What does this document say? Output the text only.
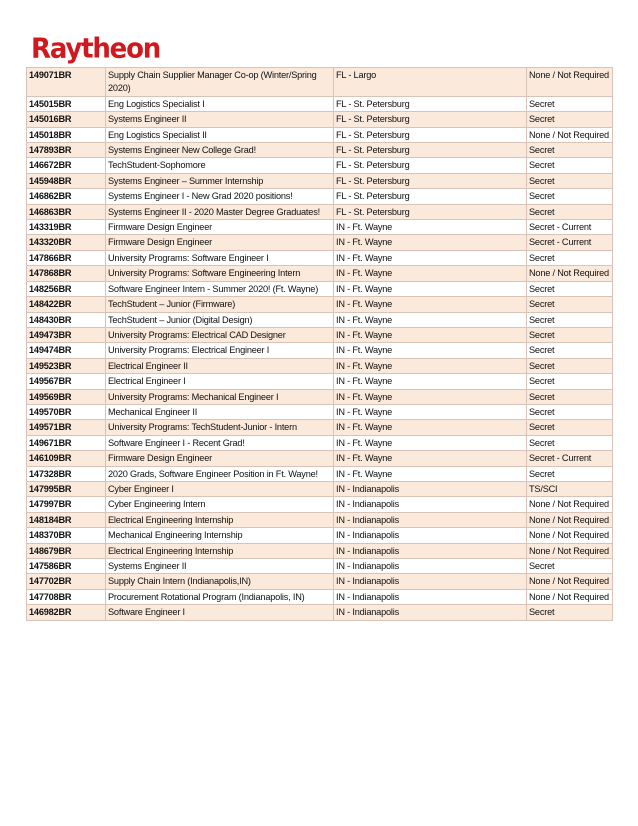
Raytheon
149071BR	Supply Chain Supplier Manager Co-op (Winter/Spring 2020)	FL - Largo	None / Not Required
145015BR	Eng Logistics Specialist I	FL - St. Petersburg	Secret
145016BR	Systems Engineer II	FL - St. Petersburg	Secret
145018BR	Eng Logistics Specialist II	FL - St. Petersburg	None / Not Required
147893BR	Systems Engineer New College Grad!	FL - St. Petersburg	Secret
146672BR	TechStudent-Sophomore	FL - St. Petersburg	Secret
145948BR	Systems Engineer – Summer Internship	FL - St. Petersburg	Secret
146862BR	Systems Engineer I - New Grad 2020 positions!	FL - St. Petersburg	Secret
146863BR	Systems Engineer II - 2020 Master Degree Graduates!	FL - St. Petersburg	Secret
143319BR	Firmware Design Engineer	IN - Ft. Wayne	Secret - Current
143320BR	Firmware Design Engineer	IN - Ft. Wayne	Secret - Current
147866BR	University Programs: Software Engineer I	IN - Ft. Wayne	Secret
147868BR	University Programs: Software Engineering Intern	IN - Ft. Wayne	None / Not Required
148256BR	Software Engineer Intern - Summer 2020! (Ft. Wayne)	IN - Ft. Wayne	Secret
148422BR	TechStudent – Junior (Firmware)	IN - Ft. Wayne	Secret
148430BR	TechStudent – Junior (Digital Design)	IN - Ft. Wayne	Secret
149473BR	University Programs: Electrical CAD Designer	IN - Ft. Wayne	Secret
149474BR	University Programs: Electrical Engineer I	IN - Ft. Wayne	Secret
149523BR	Electrical Engineer II	IN - Ft. Wayne	Secret
149567BR	Electrical Engineer I	IN - Ft. Wayne	Secret
149569BR	University Programs: Mechanical Engineer I	IN - Ft. Wayne	Secret
149570BR	Mechanical Engineer II	IN - Ft. Wayne	Secret
149571BR	University Programs: TechStudent-Junior - Intern	IN - Ft. Wayne	Secret
149671BR	Software Engineer I - Recent Grad!	IN - Ft. Wayne	Secret
146109BR	Firmware Design Engineer	IN - Ft. Wayne	Secret - Current
147328BR	2020 Grads, Software Engineer Position in Ft. Wayne!	IN - Ft. Wayne	Secret
147995BR	Cyber Engineer I	IN - Indianapolis	TS/SCI
147997BR	Cyber Engineering Intern	IN - Indianapolis	None / Not Required
148184BR	Electrical Engineering Internship	IN - Indianapolis	None / Not Required
148370BR	Mechanical Engineering Internship	IN - Indianapolis	None / Not Required
148679BR	Electrical Engineering Internship	IN - Indianapolis	None / Not Required
147586BR	Systems Engineer II	IN - Indianapolis	Secret
147702BR	Supply Chain Intern (Indianapolis,IN)	IN - Indianapolis	None / Not Required
147708BR	Procurement Rotational Program (Indianapolis, IN)	IN - Indianapolis	None / Not Required
146982BR	Software Engineer I	IN - Indianapolis	Secret
